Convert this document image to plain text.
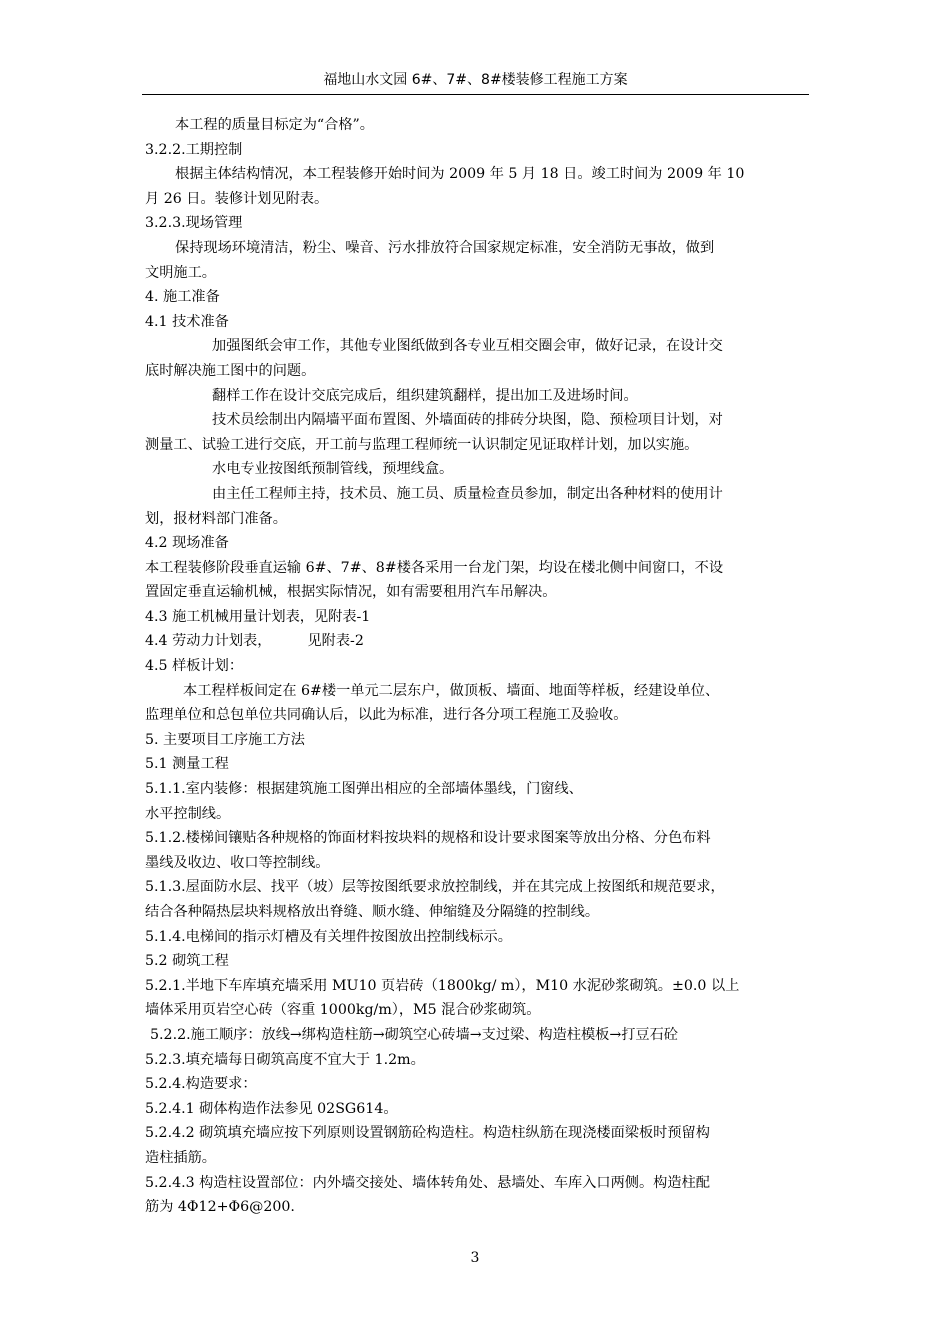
福地山水文园 6#、7#、8#楼装修工程施工方案
本工程的质量目标定为“合格”。
3.2.2.工期控制
根据主体结构情况，本工程装修开始时间为 2009 年 5 月 18 日。竣工时间为 2009 年 10
月 26 日。装修计划见附表。
3.2.3.现场管理
保持现场环境清洁，粉尘、噪音、污水排放符合国家规定标准，安全消防无事故，做到
文明施工。
4. 施工准备
4.1 技术准备
加强图纸会审工作，其他专业图纸做到各专业互相交圈会审，做好记录，在设计交
底时解决施工图中的问题。
翻样工作在设计交底完成后，组织建筑翻样，提出加工及进场时间。
技术员绘制出内隔墙平面布置图、外墙面砖的排砖分块图，隐、预检项目计划，对
测量工、试验工进行交底，开工前与监理工程师统一认识制定见证取样计划，加以实施。
水电专业按图纸预制管线，预埋线盒。
由主任工程师主持，技术员、施工员、质量检查员参加，制定出各种材料的使用计
划，报材料部门准备。
4.2 现场准备
本工程装修阶段垂直运输 6#、7#、8#楼各采用一台龙门架，均设在楼北侧中间窗口，不设
置固定垂直运输机械，根据实际情况，如有需要租用汽车吊解决。
4.3 施工机械用量计划表，见附表-1
4.4 劳动力计划表，        见附表-2
4.5 样板计划：
本工程样板间定在 6#楼一单元二层东户，做顶板、墙面、地面等样板，经建设单位、
监理单位和总包单位共同确认后，以此为标准，进行各分项工程施工及验收。
5. 主要项目工序施工方法
5.1 测量工程
5.1.1.室内装修：根据建筑施工图弹出相应的全部墙体墨线，门窗线、
水平控制线。
5.1.2.楼梯间镶贴各种规格的饰面材料按块料的规格和设计要求图案等放出分格、分色布料
墨线及收边、收口等控制线。
5.1.3.屋面防水层、找平（坡）层等按图纸要求放控制线，并在其完成上按图纸和规范要求，
结合各种隔热层块料规格放出脊缝、顺水缝、伸缩缝及分隔缝的控制线。
5.1.4.电梯间的指示灯槽及有关埋件按图放出控制线标示。
5.2 砌筑工程
5.2.1.半地下车库填充墙采用 MU10 页岩砖（1800kg/ m），M10 水泥砂浆砌筑。±0.0 以上
墙体采用页岩空心砖（容重 1000kg/m），M5 混合砂浆砌筑。
5.2.2.施工顺序：放线→绑构造柱筋→砌筑空心砖墙→支过梁、构造柱模板→打豆石砼
5.2.3.填充墙每日砌筑高度不宜大于 1.2m。
5.2.4.构造要求：
5.2.4.1 砌体构造作法参见 02SG614。
5.2.4.2 砌筑填充墙应按下列原则设置钢筋砼构造柱。构造柱纵筋在现浇楼面梁板时预留构
造柱插筋。
5.2.4.3 构造柱设置部位：内外墙交接处、墙体转角处、悬墙处、车库入口两侧。构造柱配
筋为 4Φ12+Φ6@200.
3
